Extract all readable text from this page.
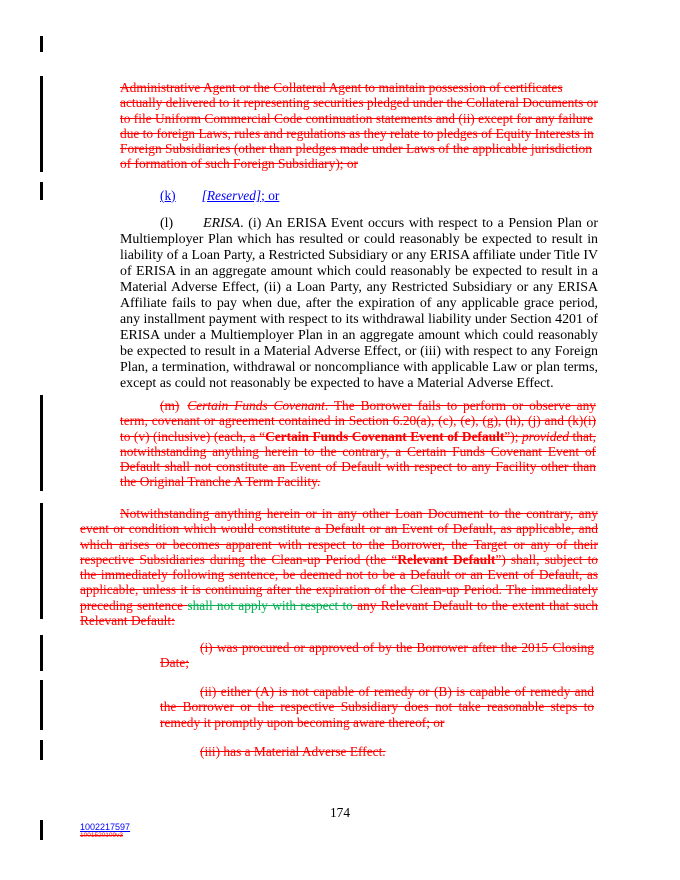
Administrative Agent or the Collateral Agent to maintain possession of certificates actually delivered to it representing securities pledged under the Collateral Documents or to file Uniform Commercial Code continuation statements and (ii) except for any failure due to foreign Laws, rules and regulations as they relate to pledges of Equity Interests in Foreign Subsidiaries (other than pledges made under Laws of the applicable jurisdiction of formation of such Foreign Subsidiary); or
(k) [Reserved]; or
(l) ERISA. (i) An ERISA Event occurs with respect to a Pension Plan or Multiemployer Plan which has resulted or could reasonably be expected to result in liability of a Loan Party, a Restricted Subsidiary or any ERISA affiliate under Title IV of ERISA in an aggregate amount which could reasonably be expected to result in a Material Adverse Effect, (ii) a Loan Party, any Restricted Subsidiary or any ERISA Affiliate fails to pay when due, after the expiration of any applicable grace period, any installment payment with respect to its withdrawal liability under Section 4201 of ERISA under a Multiemployer Plan in an aggregate amount which could reasonably be expected to result in a Material Adverse Effect, or (iii) with respect to any Foreign Plan, a termination, withdrawal or noncompliance with applicable Law or plan terms, except as could not reasonably be expected to have a Material Adverse Effect.
(m) Certain Funds Covenant. The Borrower fails to perform or observe any term, covenant or agreement contained in Section 6.20(a), (c), (e), (g), (h), (j) and (k)(i) to (v) (inclusive) (each, a “Certain Funds Covenant Event of Default”); provided that, notwithstanding anything herein to the contrary, a Certain Funds Covenant Event of Default shall not constitute an Event of Default with respect to any Facility other than the Original Tranche A Term Facility.
Notwithstanding anything herein or in any other Loan Document to the contrary, any event or condition which would constitute a Default or an Event of Default, as applicable, and which arises or becomes apparent with respect to the Borrower, the Target or any of their respective Subsidiaries during the Clean-up Period (the “Relevant Default”) shall, subject to the immediately following sentence, be deemed not to be a Default or an Event of Default, as applicable, unless it is continuing after the expiration of the Clean-up Period. The immediately preceding sentence shall not apply with respect to any Relevant Default to the extent that such Relevant Default:
(i) was procured or approved of by the Borrower after the 2015 Closing Date;
(ii) either (A) is not capable of remedy or (B) is capable of remedy and the Borrower or the respective Subsidiary does not take reasonable steps to remedy it promptly upon becoming aware thereof; or
(iii) has a Material Adverse Effect.
174
1002217597
1001520109v3
